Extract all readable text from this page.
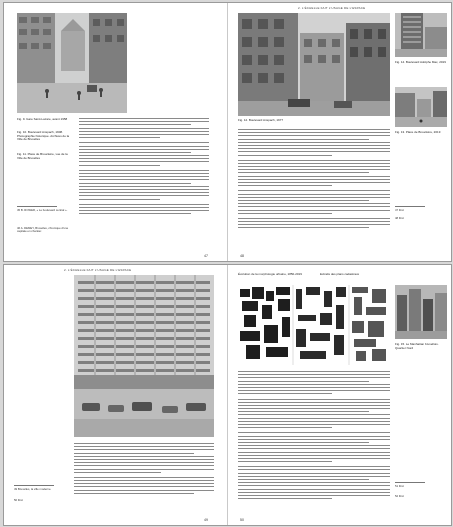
Fig. 9. Gare Saint-Lazare, avant 1958
Fig. 10. Boulevard Anspach, 1908. Photographie historique. Archives de la Ville de Bruxelles
Fig. 11. Place de Brouckère, vue de la Ville de Bruxelles
45 B. ROSIER, « Le boulevard central ».
46 A. DEMEY, Bruxelles, chronique d'une capitale en chantier.
47
2. L'ÉCHELLE FAIT L'USAGE DE L'ESPACE
Fig. 14. Boulevard Adolphe Max, 2019
Fig. 13. Place de Brouckère, 2019
Fig. 12. Boulevard Anspach, 1977
47 Ibid.
48 Ibid.
48
2. L'ÉCHELLE FAIT L'USAGE DE L'ESPACE
49 Bruxelles, la ville moderne.
50 Ibid.
49
Évolution de la morphologie urbaine, 1850-2019	Extraits des plans cadastraux
Fig. 15. Le Manhattan bruxellois. Quartier Nord
51 Ibid.
52 Ibid.
50
